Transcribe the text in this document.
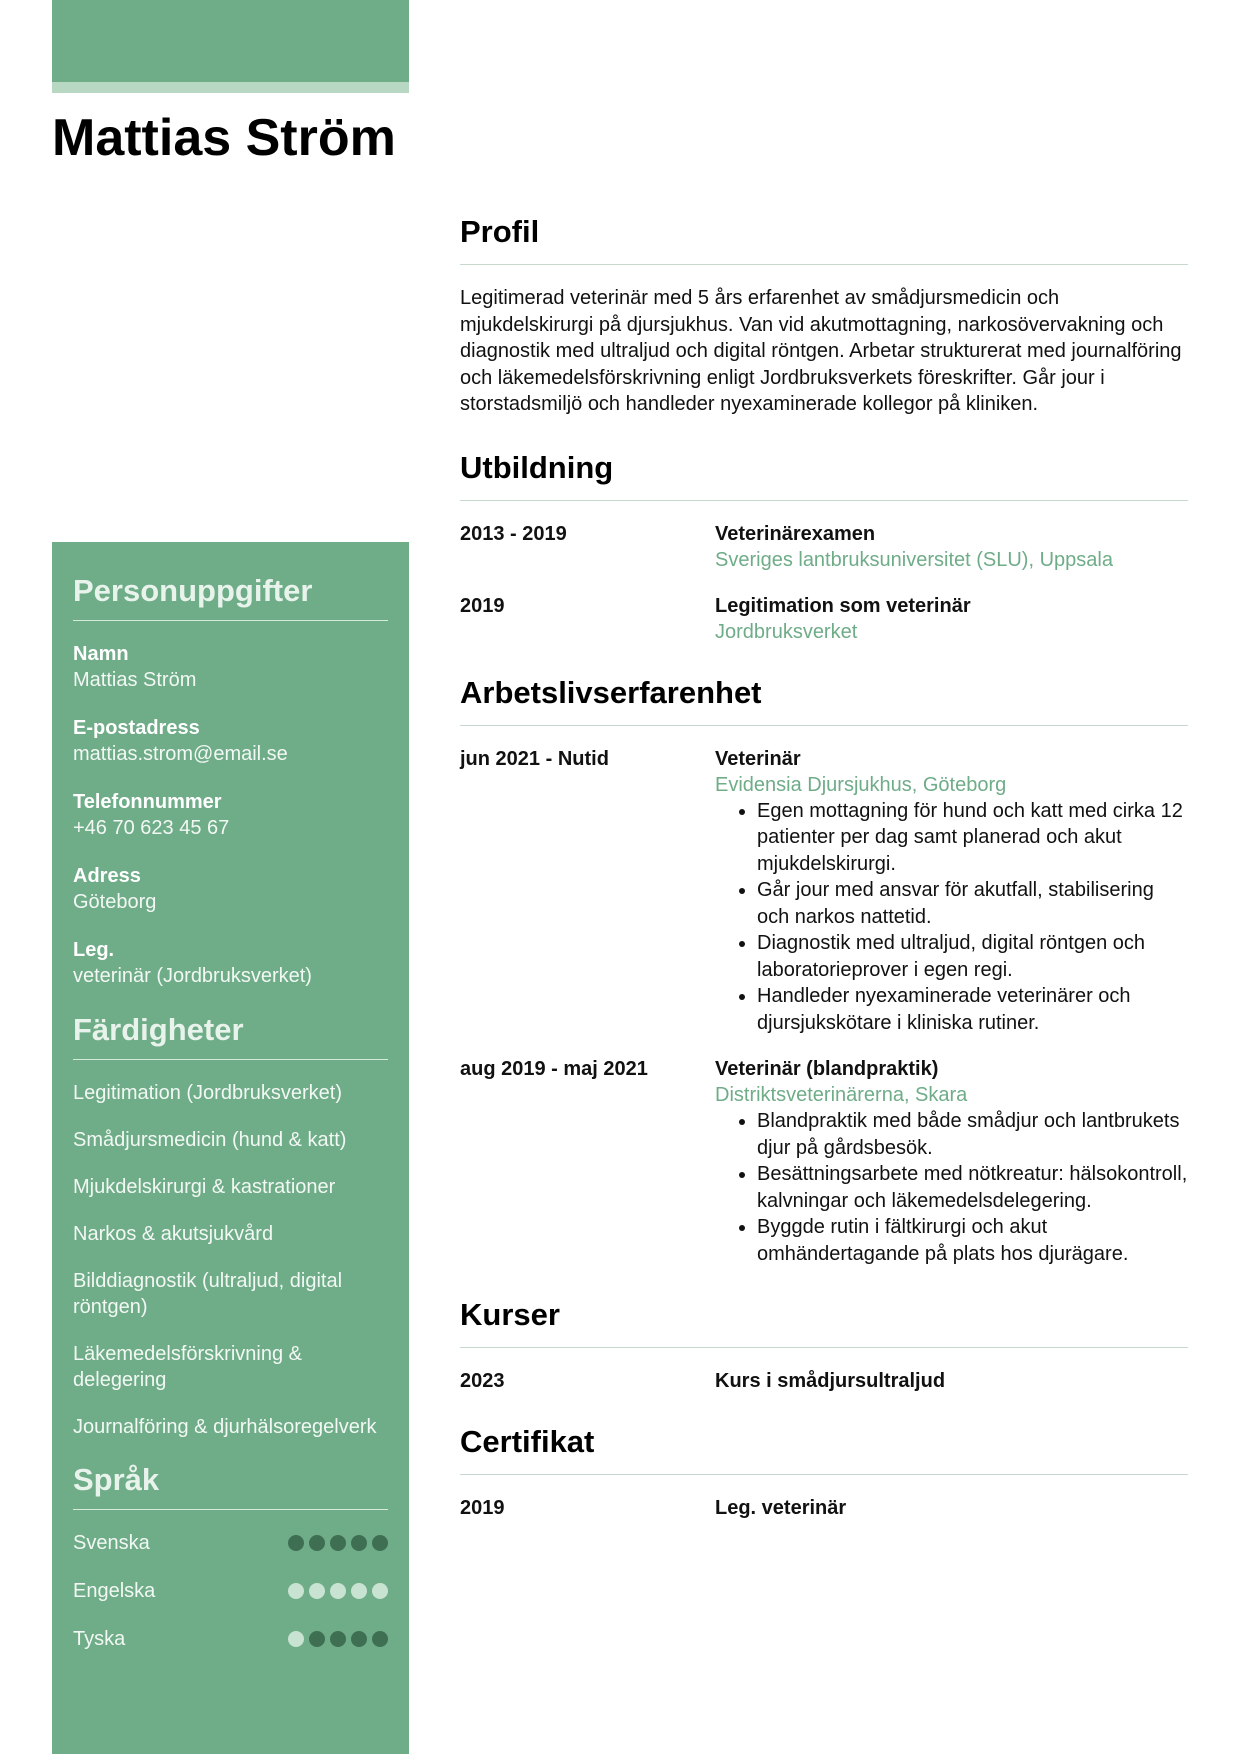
Mattias Ström
Personuppgifter
Namn
Mattias Ström
E-postadress
mattias.strom@email.se
Telefonnummer
+46 70 623 45 67
Adress
Göteborg
Leg.
veterinär (Jordbruksverket)
Färdigheter
Legitimation (Jordbruksverket)
Smådjursmedicin (hund & katt)
Mjukdelskirurgi & kastrationer
Narkos & akutsjukvård
Bilddiagnostik (ultraljud, digital röntgen)
Läkemedelsförskrivning & delegering
Journalföring & djurhälsoregelverk
Språk
Svenska
Engelska
Tyska
Profil

Legitimerad veterinär med 5 års erfarenhet av smådjursmedicin och mjukdelskirurgi på djursjukhus. Van vid akutmottagning, narkosövervakning och diagnostik med ultraljud och digital röntgen. Arbetar strukturerat med journalföring och läkemedelsförskrivning enligt Jordbruksverkets föreskrifter. Går jour i storstadsmiljö och handleder nyexaminerade kollegor på kliniken.

Utbildning
2013 - 2019	Veterinärexamen
Sveriges lantbruksuniversitet (SLU), Uppsala
2019	Legitimation som veterinär
Jordbruksverket
Arbetslivserfarenhet
jun 2021 - Nutid	Veterinär
Evidensia Djursjukhus, Göteborg
• Egen mottagning för hund och katt med cirka 12 patienter per dag samt planerad och akut mjukdelskirurgi.
• Går jour med ansvar för akutfall, stabilisering och narkos nattetid.
• Diagnostik med ultraljud, digital röntgen och laboratorieprover i egen regi.
• Handleder nyexaminerade veterinärer och djursjukskötare i kliniska rutiner.
aug 2019 - maj 2021	Veterinär (blandpraktik)
Distriktsveterinärerna, Skara
• Blandpraktik med både smådjur och lantbrukets djur på gårdsbesök.
• Besättningsarbete med nötkreatur: hälsokontroll, kalvningar och läkemedelsdelegering.
• Byggde rutin i fältkirurgi och akut omhändertagande på plats hos djurägare.
Kurser
2023	Kurs i smådjursultraljud
Certifikat
2019	Leg. veterinär
